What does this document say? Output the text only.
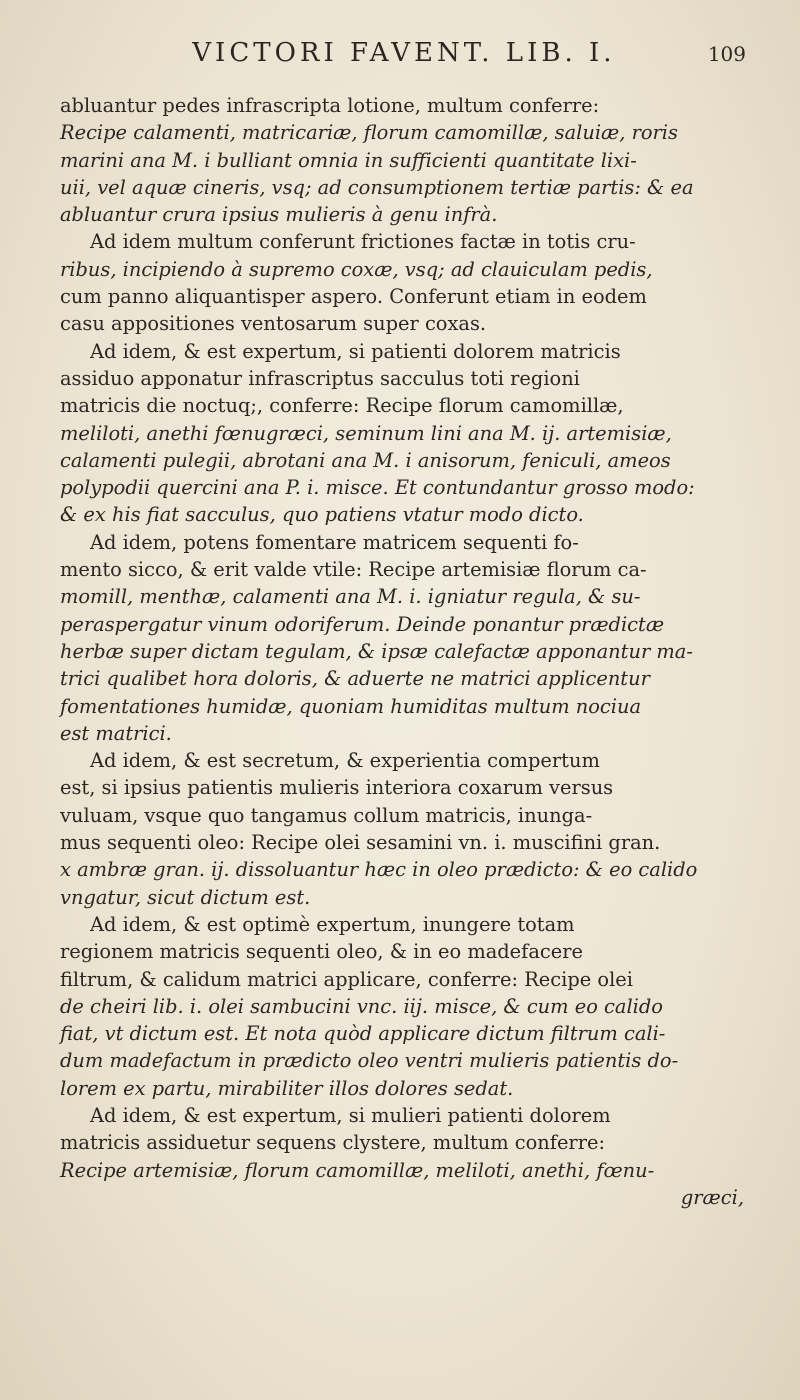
VICTORI FAVENT. LIB. I.	109

abluantur pedes infrascripta lotione, multum conferre:
Recipe calamenti, matricariæ, florum camomillæ, saluiæ, roris
marini ana M. i bulliant omnia in sufficienti quantitate lixi-
uii, vel aquæ cineris, vsq; ad consumptionem tertiæ partis: & ea
abluantur crura ipsius mulieris à genu infrà.

Ad idem multum conferunt frictiones factæ in totis cru-
ribus, incipiendo à supremo coxæ, vsq; ad clauiculam pedis,
cum panno aliquantisper aspero. Conferunt etiam in eodem
casu appositiones ventosarum super coxas.

Ad idem, & est expertum, si patienti dolorem matricis
assiduo apponatur infrascriptus sacculus toti regioni
matricis die noctuq;, conferre: Recipe florum camomillæ,
meliloti, anethi fœnugræci, seminum lini ana M. ij. artemisiæ,
calamenti pulegii, abrotani ana M. i anisorum, feniculi, ameos
polypodii quercini ana P. i. misce. Et contundantur grosso modo:
& ex his fiat sacculus, quo patiens vtatur modo dicto.

Ad idem, potens fomentare matricem sequenti fo-
mento sicco, & erit valde vtile: Recipe artemisiæ florum ca-
momill, menthæ, calamenti ana M. i. igniatur regula, & su-
peraspergatur vinum odoriferum. Deinde ponantur prædictæ
herbæ super dictam tegulam, & ipsæ calefactæ apponantur ma-
trici qualibet hora doloris, & aduerte ne matrici applicentur
fomentationes humidæ, quoniam humiditas multum nociua
est matrici.

Ad idem, & est secretum, & experientia compertum
est, si ipsius patientis mulieris interiora coxarum versus
vuluam, vsque quo tangamus collum matricis, inunga-
mus sequenti oleo: Recipe olei sesamini vn. i. muscifini gran.
x ambræ gran. ij. dissoluantur hæc in oleo prædicto: & eo calido
vngatur, sicut dictum est.

Ad idem, & est optimè expertum, inungere totam
regionem matricis sequenti oleo, & in eo madefacere
filtrum, & calidum matrici applicare, conferre: Recipe olei
de cheiri lib. i. olei sambucini vnc. iij. misce, & cum eo calido
fiat, vt dictum est. Et nota quòd applicare dictum filtrum cali-
dum madefactum in prædicto oleo ventri mulieris patientis do-
lorem ex partu, mirabiliter illos dolores sedat.

Ad idem, & est expertum, si mulieri patienti dolorem
matricis assiduetur sequens clystere, multum conferre:
Recipe artemisiæ, florum camomillæ, meliloti, anethi, fœnu-
græci,
